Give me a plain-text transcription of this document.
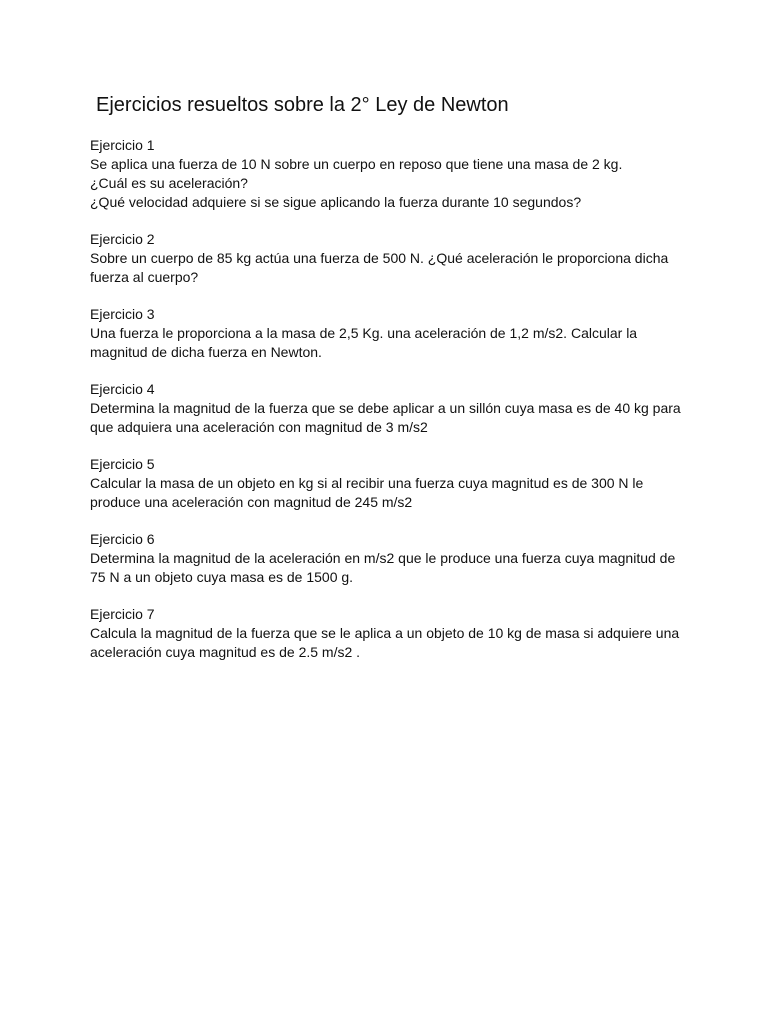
Ejercicios resueltos sobre la 2° Ley de Newton
Ejercicio 1
Se aplica una fuerza de 10 N sobre un cuerpo en reposo que tiene una masa de 2 kg.
¿Cuál es su aceleración?
¿Qué velocidad adquiere si se sigue aplicando la fuerza durante 10 segundos?
Ejercicio 2
Sobre un cuerpo de 85 kg actúa una fuerza de 500 N. ¿Qué aceleración le proporciona dicha
fuerza al cuerpo?
Ejercicio 3
Una fuerza le proporciona a la masa de 2,5 Kg. una aceleración de 1,2 m/s2. Calcular la
magnitud de dicha fuerza en Newton.
Ejercicio 4
Determina la magnitud de la fuerza que se debe aplicar a un sillón cuya masa es de 40 kg para
que adquiera una aceleración con magnitud de 3 m/s2
Ejercicio 5
Calcular la masa de un objeto en kg si al recibir una fuerza cuya magnitud es de 300 N le
produce una aceleración con magnitud de 245 m/s2
Ejercicio 6
Determina la magnitud de la aceleración en m/s2 que le produce una fuerza cuya magnitud de
75 N a un objeto cuya masa es de 1500 g.
Ejercicio 7
Calcula la magnitud de la fuerza que se le aplica a un objeto de 10 kg de masa si adquiere una
aceleración cuya magnitud es de 2.5 m/s2 .
